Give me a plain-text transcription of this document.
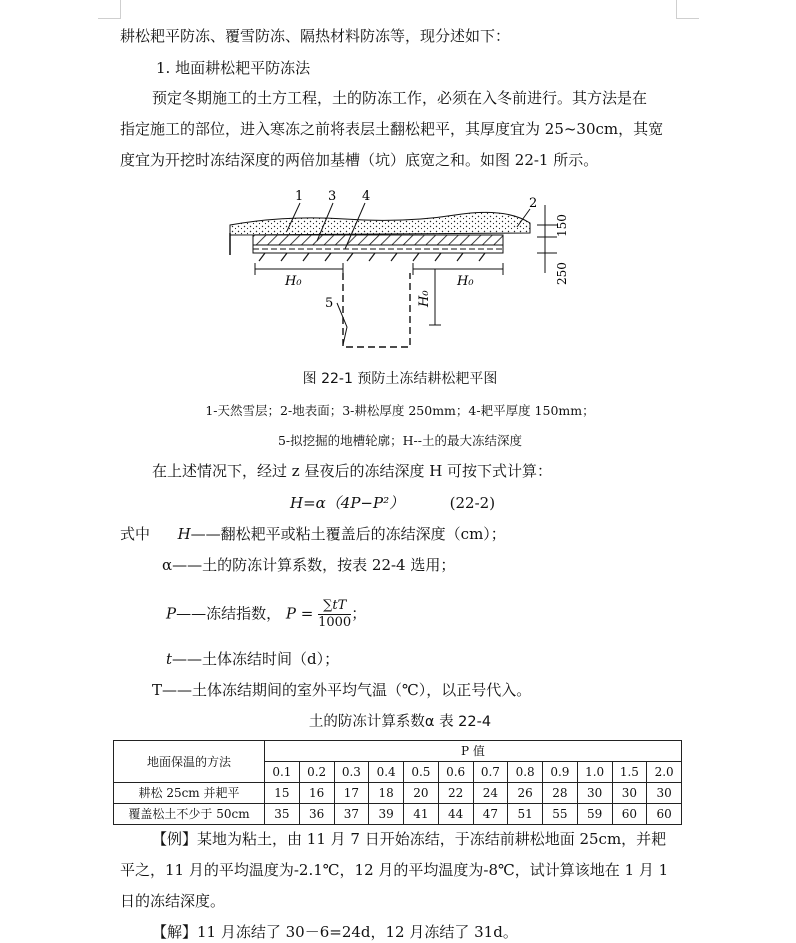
耕松耙平防冻、覆雪防冻、隔热材料防冻等，现分述如下：
1. 地面耕松耙平防冻法
预定冬期施工的土方工程，土的防冻工作，必须在入冬前进行。其方法是在
指定施工的部位，进入寒冻之前将表层土翻松耙平，其厚度宜为 25~30cm，其宽
度宜为开挖时冻结深度的两倍加基槽（坑）底宽之和。如图 22-1 所示。
1 3 4	2
150
250
H₀	H₀
H₀
5
图 22-1 预防土冻结耕松耙平图
1-天然雪层；2-地表面；3-耕松厚度 250mm；4-耙平厚度 150mm；
5-拟挖掘的地槽轮廓；H--土的最大冻结深度
在上述情况下，经过 z 昼夜后的冻结深度 H 可按下式计算：
H=α（4P−P²）	(22-2)
式中 H——翻松耙平或粘土覆盖后的冻结深度（cm）；
α——土的防冻计算系数，按表 22-4 选用；
P——冻结指数， $P = \frac{\sum tT}{1000}$ ；
t——土体冻结时间（d）；
T——土体冻结期间的室外平均气温（℃），以正号代入。
土的防冻计算系数α 表 22-4
地面保温的方法	P 值											
	0.1	0.2	0.3	0.4	0.5	0.6	0.7	0.8	0.9	1.0	1.5	2.0
耕松 25cm 并耙平	15	16	17	18	20	22	24	26	28	30	30	30
覆盖松土不少于 50cm	35	36	37	39	41	44	47	51	55	59	60	60
【例】某地为粘土，由 11 月 7 日开始冻结，于冻结前耕松地面 25cm，并耙
平之，11 月的平均温度为-2.1℃，12 月的平均温度为-8℃，试计算该地在 1 月 1
日的冻结深度。
【解】11 月冻结了 30－6=24d，12 月冻结了 31d。
